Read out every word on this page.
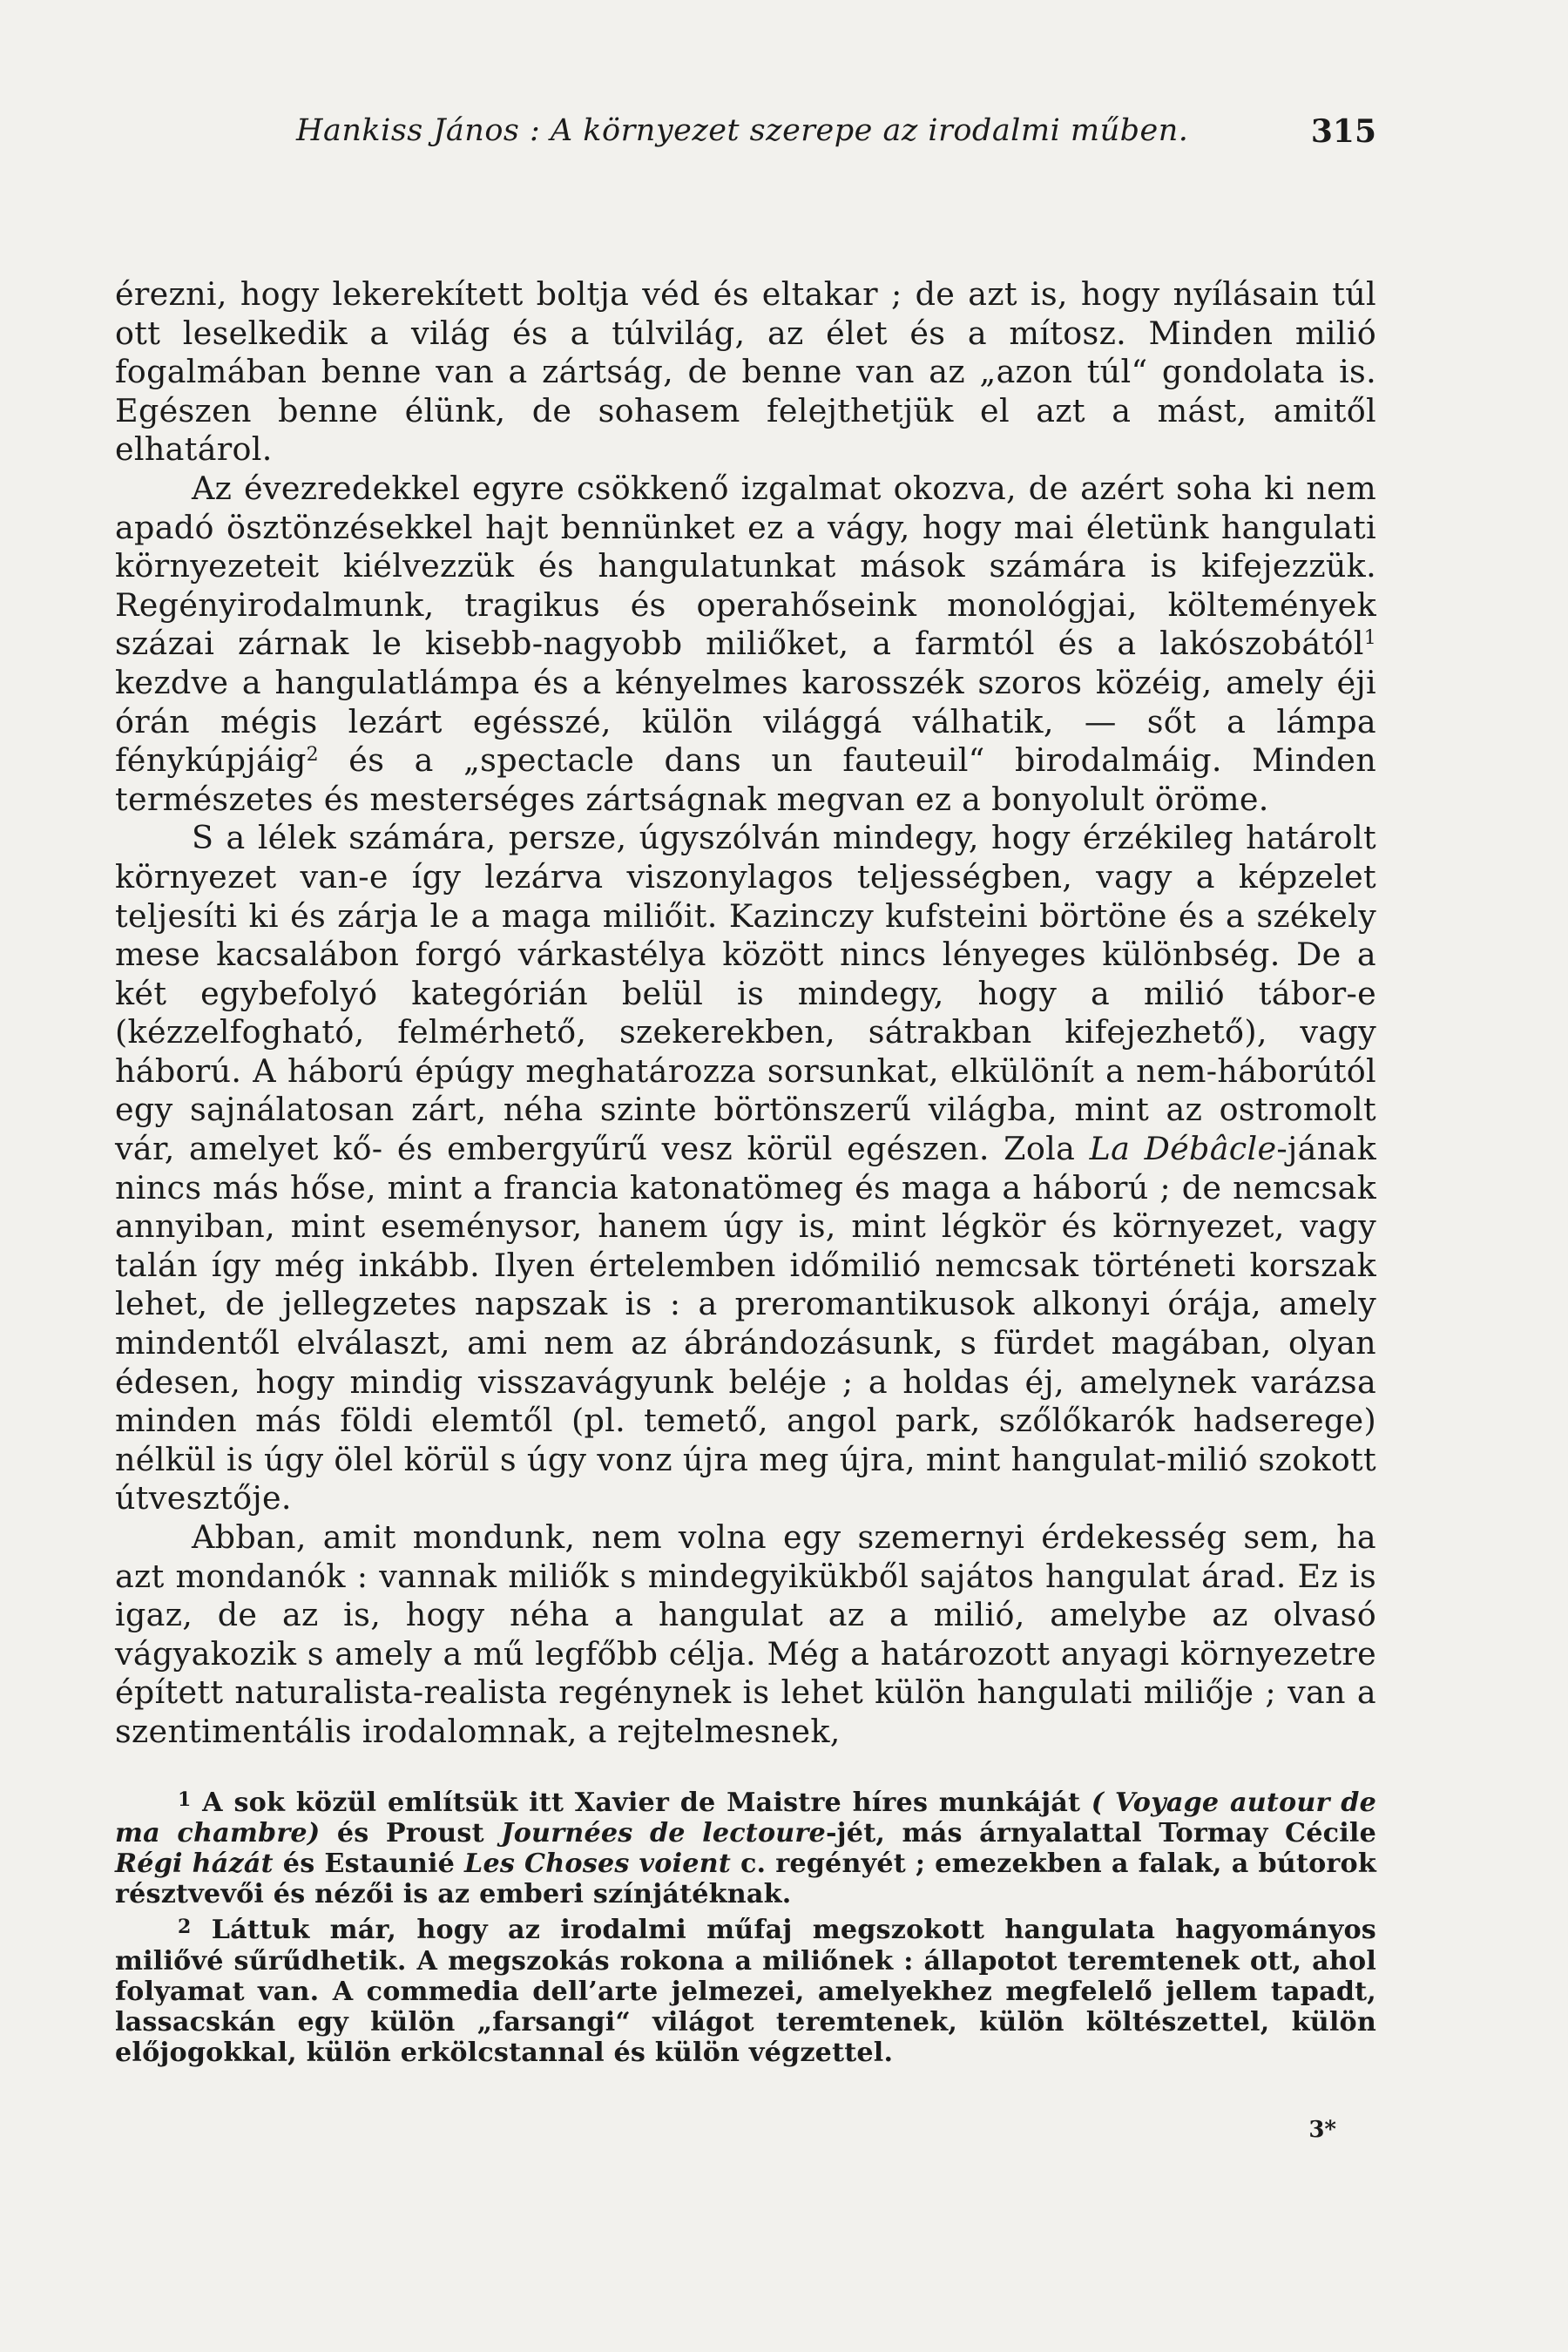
Hankiss János : A környezet szerepe az irodalmi műben.	315

érezni, hogy lekerekített boltja véd és eltakar ; de azt is, hogy nyílásain túl ott leselkedik a világ és a túlvilág, az élet és a mítosz. Minden milió fogalmában benne van a zártság, de benne van az „azon túl“ gondolata is. Egészen benne élünk, de sohasem felejthetjük el azt a mást, amitől elhatárol.

Az évezredekkel egyre csökkenő izgalmat okozva, de azért soha ki nem apadó ösztönzésekkel hajt bennünket ez a vágy, hogy mai életünk hangulati környezeteit kiélvezzük és hangulatunkat mások számára is kifejezzük. Regényirodalmunk, tragikus és operahőseink monológjai, költemények százai zárnak le kisebb-nagyobb miliőket, a farmtól és a lakószobától$^1$ kezdve a hangulatlámpa és a kényelmes karosszék szoros közéig, amely éji órán mégis lezárt egésszé, külön világgá válhatik, — sőt a lámpa fénykúpjáig$^2$ és a „spectacle dans un fauteuil“ birodalmáig. Minden természetes és mesterséges zártságnak megvan ez a bonyolult öröme.

S a lélek számára, persze, úgyszólván mindegy, hogy érzékileg határolt környezet van-e így lezárva viszonylagos teljességben, vagy a képzelet teljesíti ki és zárja le a maga miliőit. Kazinczy kufsteini börtöne és a székely mese kacsalábon forgó várkastélya között nincs lényeges különbség. De a két egybefolyó kategórián belül is mindegy, hogy a milió tábor-e (kézzelfogható, felmérhető, szekerekben, sátrakban kifejezhető), vagy háború. A háború épúgy meghatározza sorsunkat, elkülönít a nem-háborútól egy sajnálatosan zárt, néha szinte börtönszerű világba, mint az ostromolt vár, amelyet kő- és embergyűrű vesz körül egészen. Zola La Débâcle-jának nincs más hőse, mint a francia katonatömeg és maga a háború ; de nemcsak annyiban, mint eseménysor, hanem úgy is, mint légkör és környezet, vagy talán így még inkább. Ilyen értelemben időmilió nemcsak történeti korszak lehet, de jellegzetes napszak is : a preromantikusok alkonyi órája, amely mindentől elválaszt, ami nem az ábrándozásunk, s fürdet magában, olyan édesen, hogy mindig visszavágyunk beléje ; a holdas éj, amelynek varázsa minden más földi elemtől (pl. temető, angol park, szőlőkarók hadserege) nélkül is úgy ölel körül s úgy vonz újra meg újra, mint hangulat-milió szokott útvesztője.

Abban, amit mondunk, nem volna egy szemernyi érdekesség sem, ha azt mondanók : vannak miliők s mindegyikükből sajátos hangulat árad. Ez is igaz, de az is, hogy néha a hangulat az a milió, amelybe az olvasó vágyakozik s amely a mű legfőbb célja. Még a határozott anyagi környezetre épített naturalista-realista regénynek is lehet külön hangulati miliője ; van a szentimentális irodalomnak, a rejtelmesnek,

1 A sok közül említsük itt Xavier de Maistre híres munkáját ( Voyage autour de ma chambre) és Proust Journées de lectoure-jét, más árnyalattal Tormay Cécile Régi házát és Estaunié Les Choses voient c. regényét ; emezekben a falak, a bútorok résztvevői és nézői is az emberi színjátéknak.

2 Láttuk már, hogy az irodalmi műfaj megszokott hangulata hagyományos miliővé sűrűdhetik. A megszokás rokona a miliőnek : állapotot teremtenek ott, ahol folyamat van. A commedia dell’arte jelmezei, amelyekhez megfelelő jellem tapadt, lassacskán egy külön „farsangi“ világot teremtenek, külön költészettel, külön előjogokkal, külön erkölcstannal és külön végzettel.

3*
